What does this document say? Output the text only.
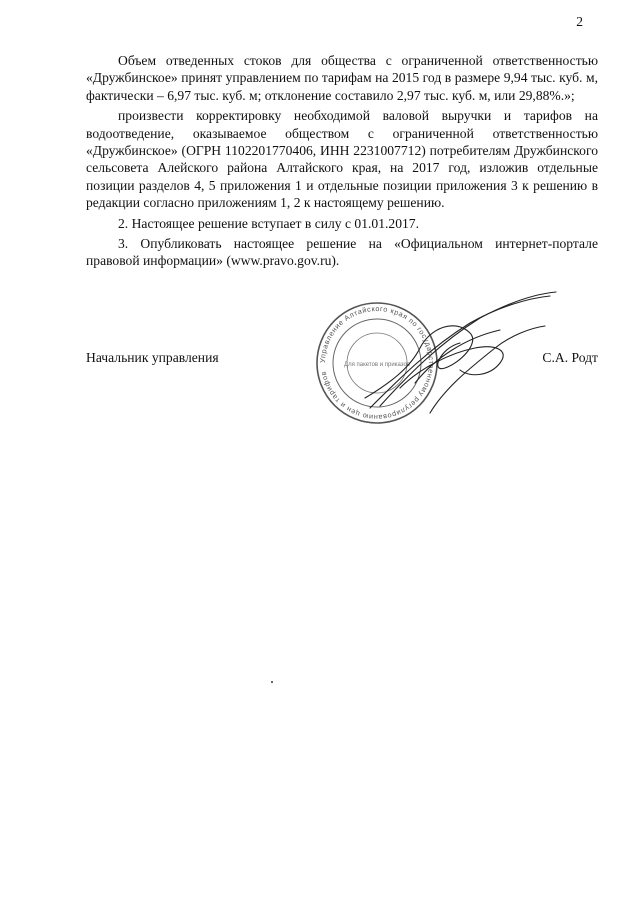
2

Объем отведенных стоков для общества с ограниченной ответственностью «Дружбинское» принят управлением по тарифам на 2015 год в размере 9,94 тыс. куб. м, фактически – 6,97 тыс. куб. м; отклонение составило 2,97 тыс. куб. м, или 29,88%.»;

произвести корректировку необходимой валовой выручки и тарифов на водоотведение, оказываемое обществом с ограниченной ответственностью «Дружбинское» (ОГРН 1102201770406, ИНН 2231007712) потребителям Дружбинского сельсовета Алейского района Алтайского края, на 2017 год, изложив отдельные позиции разделов 4, 5 приложения 1 и отдельные позиции приложения 3 к решению в редакции согласно приложениям 1, 2 к настоящему решению.

2. Настоящее решение вступает в силу с 01.01.2017.

3. Опубликовать настоящее решение на «Официальном интернет-портале правовой информации» (www.pravo.gov.ru).

Управление Алтайского края по государственному регулированию цен и тарифов
Для пакетов и приказов
Начальник управления	С.А. Родт
